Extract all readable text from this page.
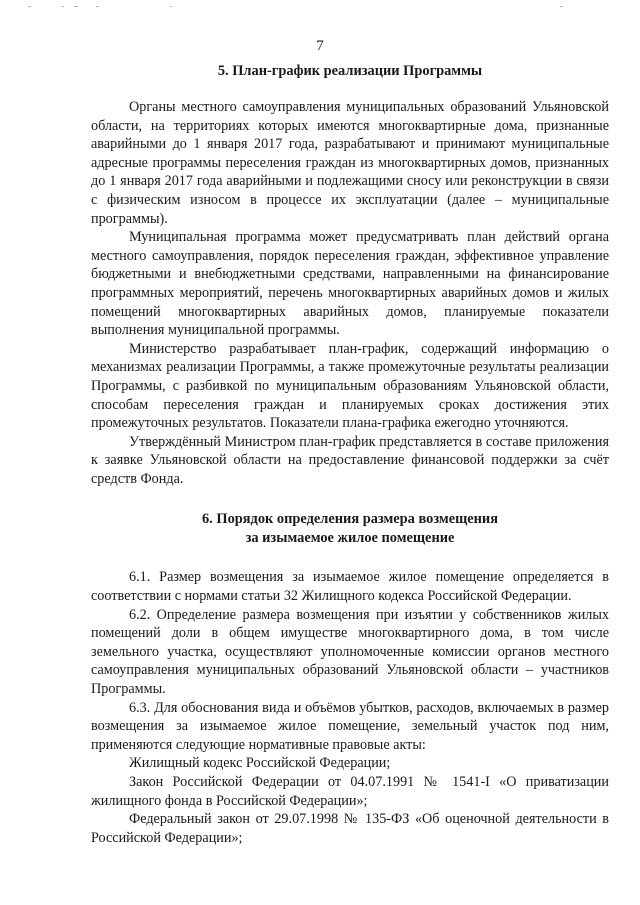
7
5. План-график реализации Программы

Органы местного самоуправления муниципальных образований Ульяновской области, на территориях которых имеются многоквартирные дома, признанные аварийными до 1 января 2017 года, разрабатывают и принимают муниципальные адресные программы переселения граждан из многоквартирных домов, признанных до 1 января 2017 года аварийными и подлежащими сносу или реконструкции в связи с физическим износом в процессе их эксплуатации (далее – муниципальные программы).

Муниципальная программа может предусматривать план действий органа местного самоуправления, порядок переселения граждан, эффективное управление бюджетными и внебюджетными средствами, направленными на финансирование программных мероприятий, перечень многоквартирных аварийных домов и жилых помещений многоквартирных аварийных домов, планируемые показатели выполнения муниципальной программы.

Министерство разрабатывает план-график, содержащий информацию о механизмах реализации Программы, а также промежуточные результаты реализации Программы, с разбивкой по муниципальным образованиям Ульяновской области, способам переселения граждан и планируемых сроках достижения этих промежуточных результатов. Показатели плана-графика ежегодно уточняются.

Утверждённый Министром план-график представляется в составе приложения к заявке Ульяновской области на предоставление финансовой поддержки за счёт средств Фонда.

6. Порядок определения размера возмещения
за изымаемое жилое помещение

6.1. Размер возмещения за изымаемое жилое помещение определяется в соответствии с нормами статьи 32 Жилищного кодекса Российской Федерации.

6.2. Определение размера возмещения при изъятии у собственников жилых помещений доли в общем имуществе многоквартирного дома, в том числе земельного участка, осуществляют уполномоченные комиссии органов местного самоуправления муниципальных образований Ульяновской области – участников Программы.

6.3. Для обоснования вида и объёмов убытков, расходов, включаемых в размер возмещения за изымаемое жилое помещение, земельный участок под ним, применяются следующие нормативные правовые акты:

Жилищный кодекс Российской Федерации;

Закон Российской Федерации от 04.07.1991 № 1541-I «О приватизации жилищного фонда в Российской Федерации»;

Федеральный закон от 29.07.1998 № 135-ФЗ «Об оценочной деятельности в Российской Федерации»;
